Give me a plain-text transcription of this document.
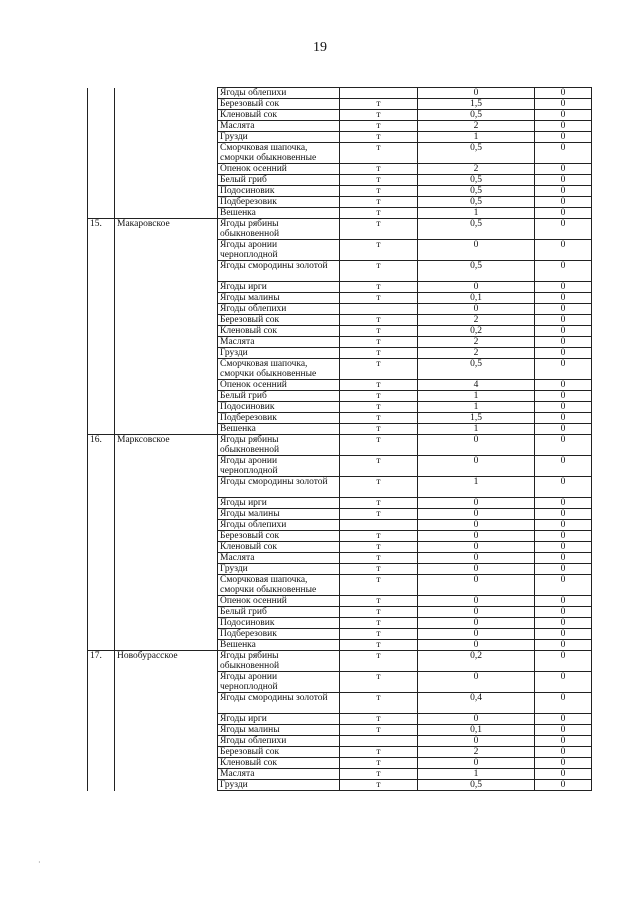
19
		Ягоды облепихи		0	0
		Березовый сок	т	1,5	0
		Кленовый сок	т	0,5	0
		Маслята	т	2	0
		Грузди	т	1	0
		Сморчковая шапочка, сморчки обыкновенные	т	0,5	0
		Опенок осенний	т	2	0
		Белый гриб	т	0,5	0
		Подосиновик	т	0,5	0
		Подберезовик	т	0,5	0
		Вешенка	т	1	0
15.	Макаровское	Ягоды рябины обыкновенной	т	0,5	0
		Ягоды аронии черноплодной	т	0	0
		Ягоды смородины золотой	т	0,5	0
		Ягоды ирги	т	0	0
		Ягоды малины	т	0,1	0
		Ягоды облепихи		0	0
		Березовый сок	т	2	0
		Кленовый сок	т	0,2	0
		Маслята	т	2	0
		Грузди	т	2	0
		Сморчковая шапочка, сморчки обыкновенные	т	0,5	0
		Опенок осенний	т	4	0
		Белый гриб	т	1	0
		Подосиновик	т	1	0
		Подберезовик	т	1,5	0
		Вешенка	т	1	0
16.	Марксовское	Ягоды рябины обыкновенной	т	0	0
		Ягоды аронии черноплодной	т	0	0
		Ягоды смородины золотой	т	1	0
		Ягоды ирги	т	0	0
		Ягоды малины	т	0	0
		Ягоды облепихи		0	0
		Березовый сок	т	0	0
		Кленовый сок	т	0	0
		Маслята	т	0	0
		Грузди	т	0	0
		Сморчковая шапочка, сморчки обыкновенные	т	0	0
		Опенок осенний	т	0	0
		Белый гриб	т	0	0
		Подосиновик	т	0	0
		Подберезовик	т	0	0
		Вешенка	т	0	0
17.	Новобурасское	Ягоды рябины обыкновенной	т	0,2	0
		Ягоды аронии черноплодной	т	0	0
		Ягоды смородины золотой	т	0,4	0
		Ягоды ирги	т	0	0
		Ягоды малины	т	0,1	0
		Ягоды облепихи		0	0
		Березовый сок	т	2	0
		Кленовый сок	т	0	0
		Маслята	т	1	0
		Грузди	т	0,5	0
·
